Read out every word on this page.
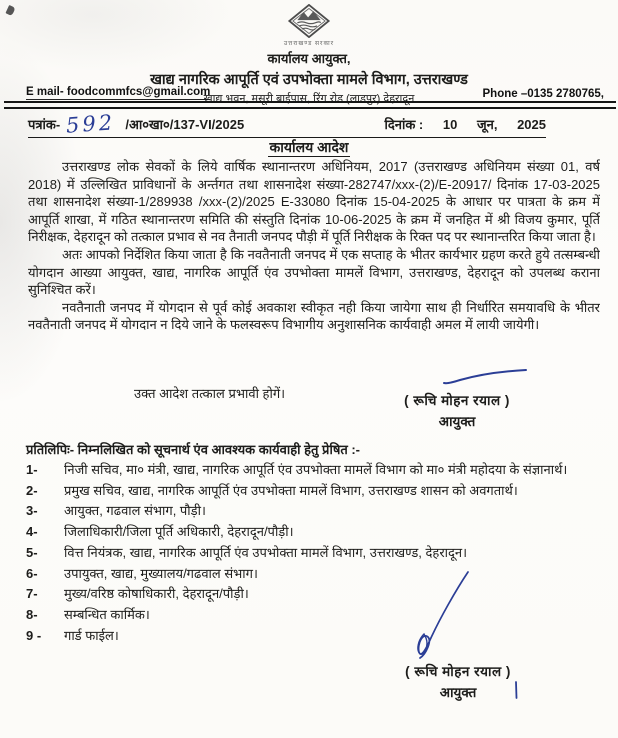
उत्तराखण्ड सरकार
कार्यालय आयुक्त,
खाद्य नागरिक आपूर्ति एवं उपभोक्ता मामले विभाग, उत्तराखण्ड
खाद्य भवन, मसूरी बाईपास, रिंग रोड (लाडपुर) देहरादून
E mail- foodcommfcs@gmail.com	Phone –0135 2780765,
पत्रांक- 592 /आ०खा०/137-VI/2025	दिनांक : 10 जून, 2025
कार्यालय आदेश

उत्तराखण्ड लोक सेवकों के लिये वार्षिक स्थानान्तरण अधिनियम, 2017 (उत्तराखण्ड अधिनियम संख्या 01, वर्ष 2018) में उल्लिखित प्राविधानों के अर्न्तगत तथा शासनादेश संख्या-282747/xxx-(2)/E-20917/ दिनांक 17-03-2025 तथा शासनादेश संख्या-1/289938 /xxx-(2)/2025 E-33080 दिनांक 15-04-2025 के आधार पर पात्रता के क्रम में आपूर्ति शाखा, में गठित स्थानान्तरण समिति की संस्तुति दिनांक 10-06-2025 के क्रम में जनहित में श्री विजय कुमार, पूर्ति निरीक्षक, देहरादून को तत्काल प्रभाव से नव तैनाती जनपद पौड़ी में पूर्ति निरीक्षक के रिक्त पद पर स्थानान्तरित किया जाता है।

अतः आपको निर्देशित किया जाता है कि नवतैनाती जनपद में एक सप्ताह के भीतर कार्यभार ग्रहण करते हुये तत्सम्बन्धी योगदान आख्या आयुक्त, खाद्य, नागरिक आपूर्ति एंव उपभोक्ता मामलें विभाग, उत्तराखण्ड, देहरादून को उपलब्ध कराना सुनिश्चित करें।

नवतैनाती जनपद में योगदान से पूर्व कोई अवकाश स्वीकृत नही किया जायेगा साथ ही निर्धारित समयावधि के भीतर नवतैनाती जनपद में योगदान न दिये जाने के फलस्वरूप विभागीय अनुशासनिक कार्यवाही अमल में लायी जायेगी।

उक्त आदेश तत्काल प्रभावी होगें।	( रूचि मोहन रयाल )
आयुक्त
प्रतिलिपिः- निम्नलिखित को सूचनार्थ एंव आवश्यक कार्यवाही हेतु प्रेषित :-
1-	निजी सचिव, मा० मंत्री, खाद्य, नागरिक आपूर्ति एंव उपभोक्ता मामलें विभाग को मा० मंत्री महोदया के संज्ञानार्थ।
2-	प्रमुख सचिव, खाद्य, नागरिक आपूर्ति एंव उपभोक्ता मामलें विभाग, उत्तराखण्ड शासन को अवगतार्थ।
3-	आयुक्त, गढवाल संभाग, पौड़ी।
4-	जिलाधिकारी/जिला पूर्ति अधिकारी, देहरादून/पौड़ी।
5-	वित्त नियंत्रक, खाद्य, नागरिक आपूर्ति एंव उपभोक्ता मामलें विभाग, उत्तराखण्ड, देहरादून।
6-	उपायुक्त, खाद्य, मुख्यालय/गढवाल संभाग।
7-	मुख्य/वरिष्ठ कोषाधिकारी, देहरादून/पौड़ी।
8-	सम्बन्धित कार्मिक।
9 -	गार्ड फाईल।
( रूचि मोहन रयाल )
आयुक्त
